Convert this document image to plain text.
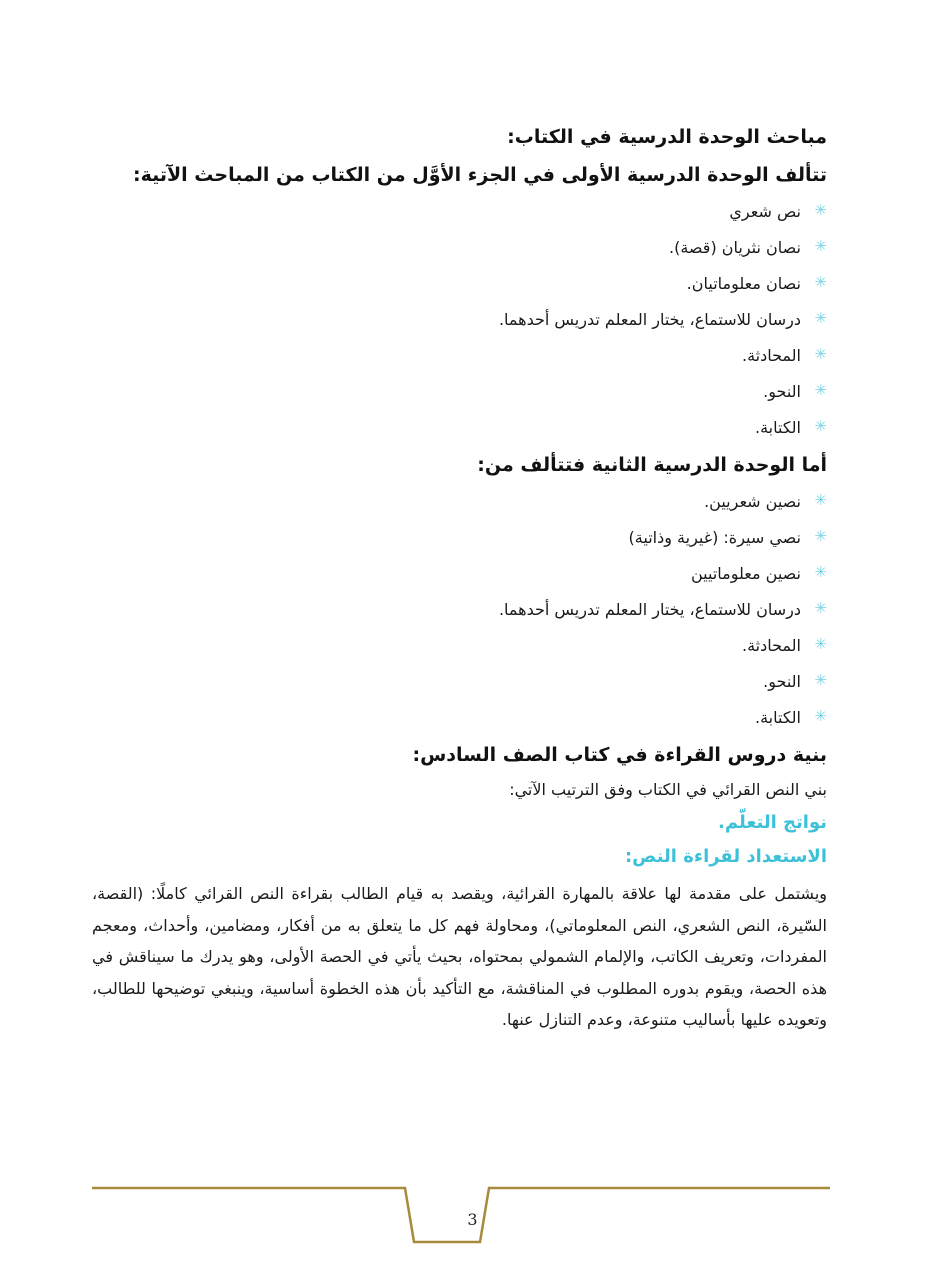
مباحث الوحدة الدرسية في الكتاب:
تتألف الوحدة الدرسية الأولى في الجزء الأوَّل من الكتاب من المباحث الآتية:
✳
نص شعري
✳
نصان نثريان (قصة).
✳
نصان معلوماتيان.
✳
درسان للاستماع، يختار المعلم تدريس أحدهما.
✳
المحادثة.
✳
النحو.
✳
الكتابة.
أما الوحدة الدرسية الثانية فتتألف من:
✳
نصين شعريين.
✳
نصي سيرة: (غيرية وذاتية)
✳
نصين معلوماتيين
✳
درسان للاستماع، يختار المعلم تدريس أحدهما.
✳
المحادثة.
✳
النحو.
✳
الكتابة.
بنية دروس القراءة في كتاب الصف السادس:

بني النص القرائي في الكتاب وفق الترتيب الآتي:

نواتج التعلّم.
الاستعداد لقراءة النص:

ويشتمل على مقدمة لها علاقة بالمهارة القرائية، ويقصد به قيام الطالب بقراءة النص القرائي كاملًا: (القصة، السّيرة، النص الشعري، النص المعلوماتي)، ومحاولة فهم كل ما يتعلق به من أفكار، ومضامين، وأحداث، ومعجم المفردات، وتعريف الكاتب، والإلمام الشمولي بمحتواه، بحيث يأتي في الحصة الأولى، وهو يدرك ما سيناقش في هذه الحصة، ويقوم بدوره المطلوب في المناقشة، مع التأكيد بأن هذه الخطوة أساسية، وينبغي توضيحها للطالب، وتعويده عليها بأساليب متنوعة، وعدم التنازل عنها.

3
